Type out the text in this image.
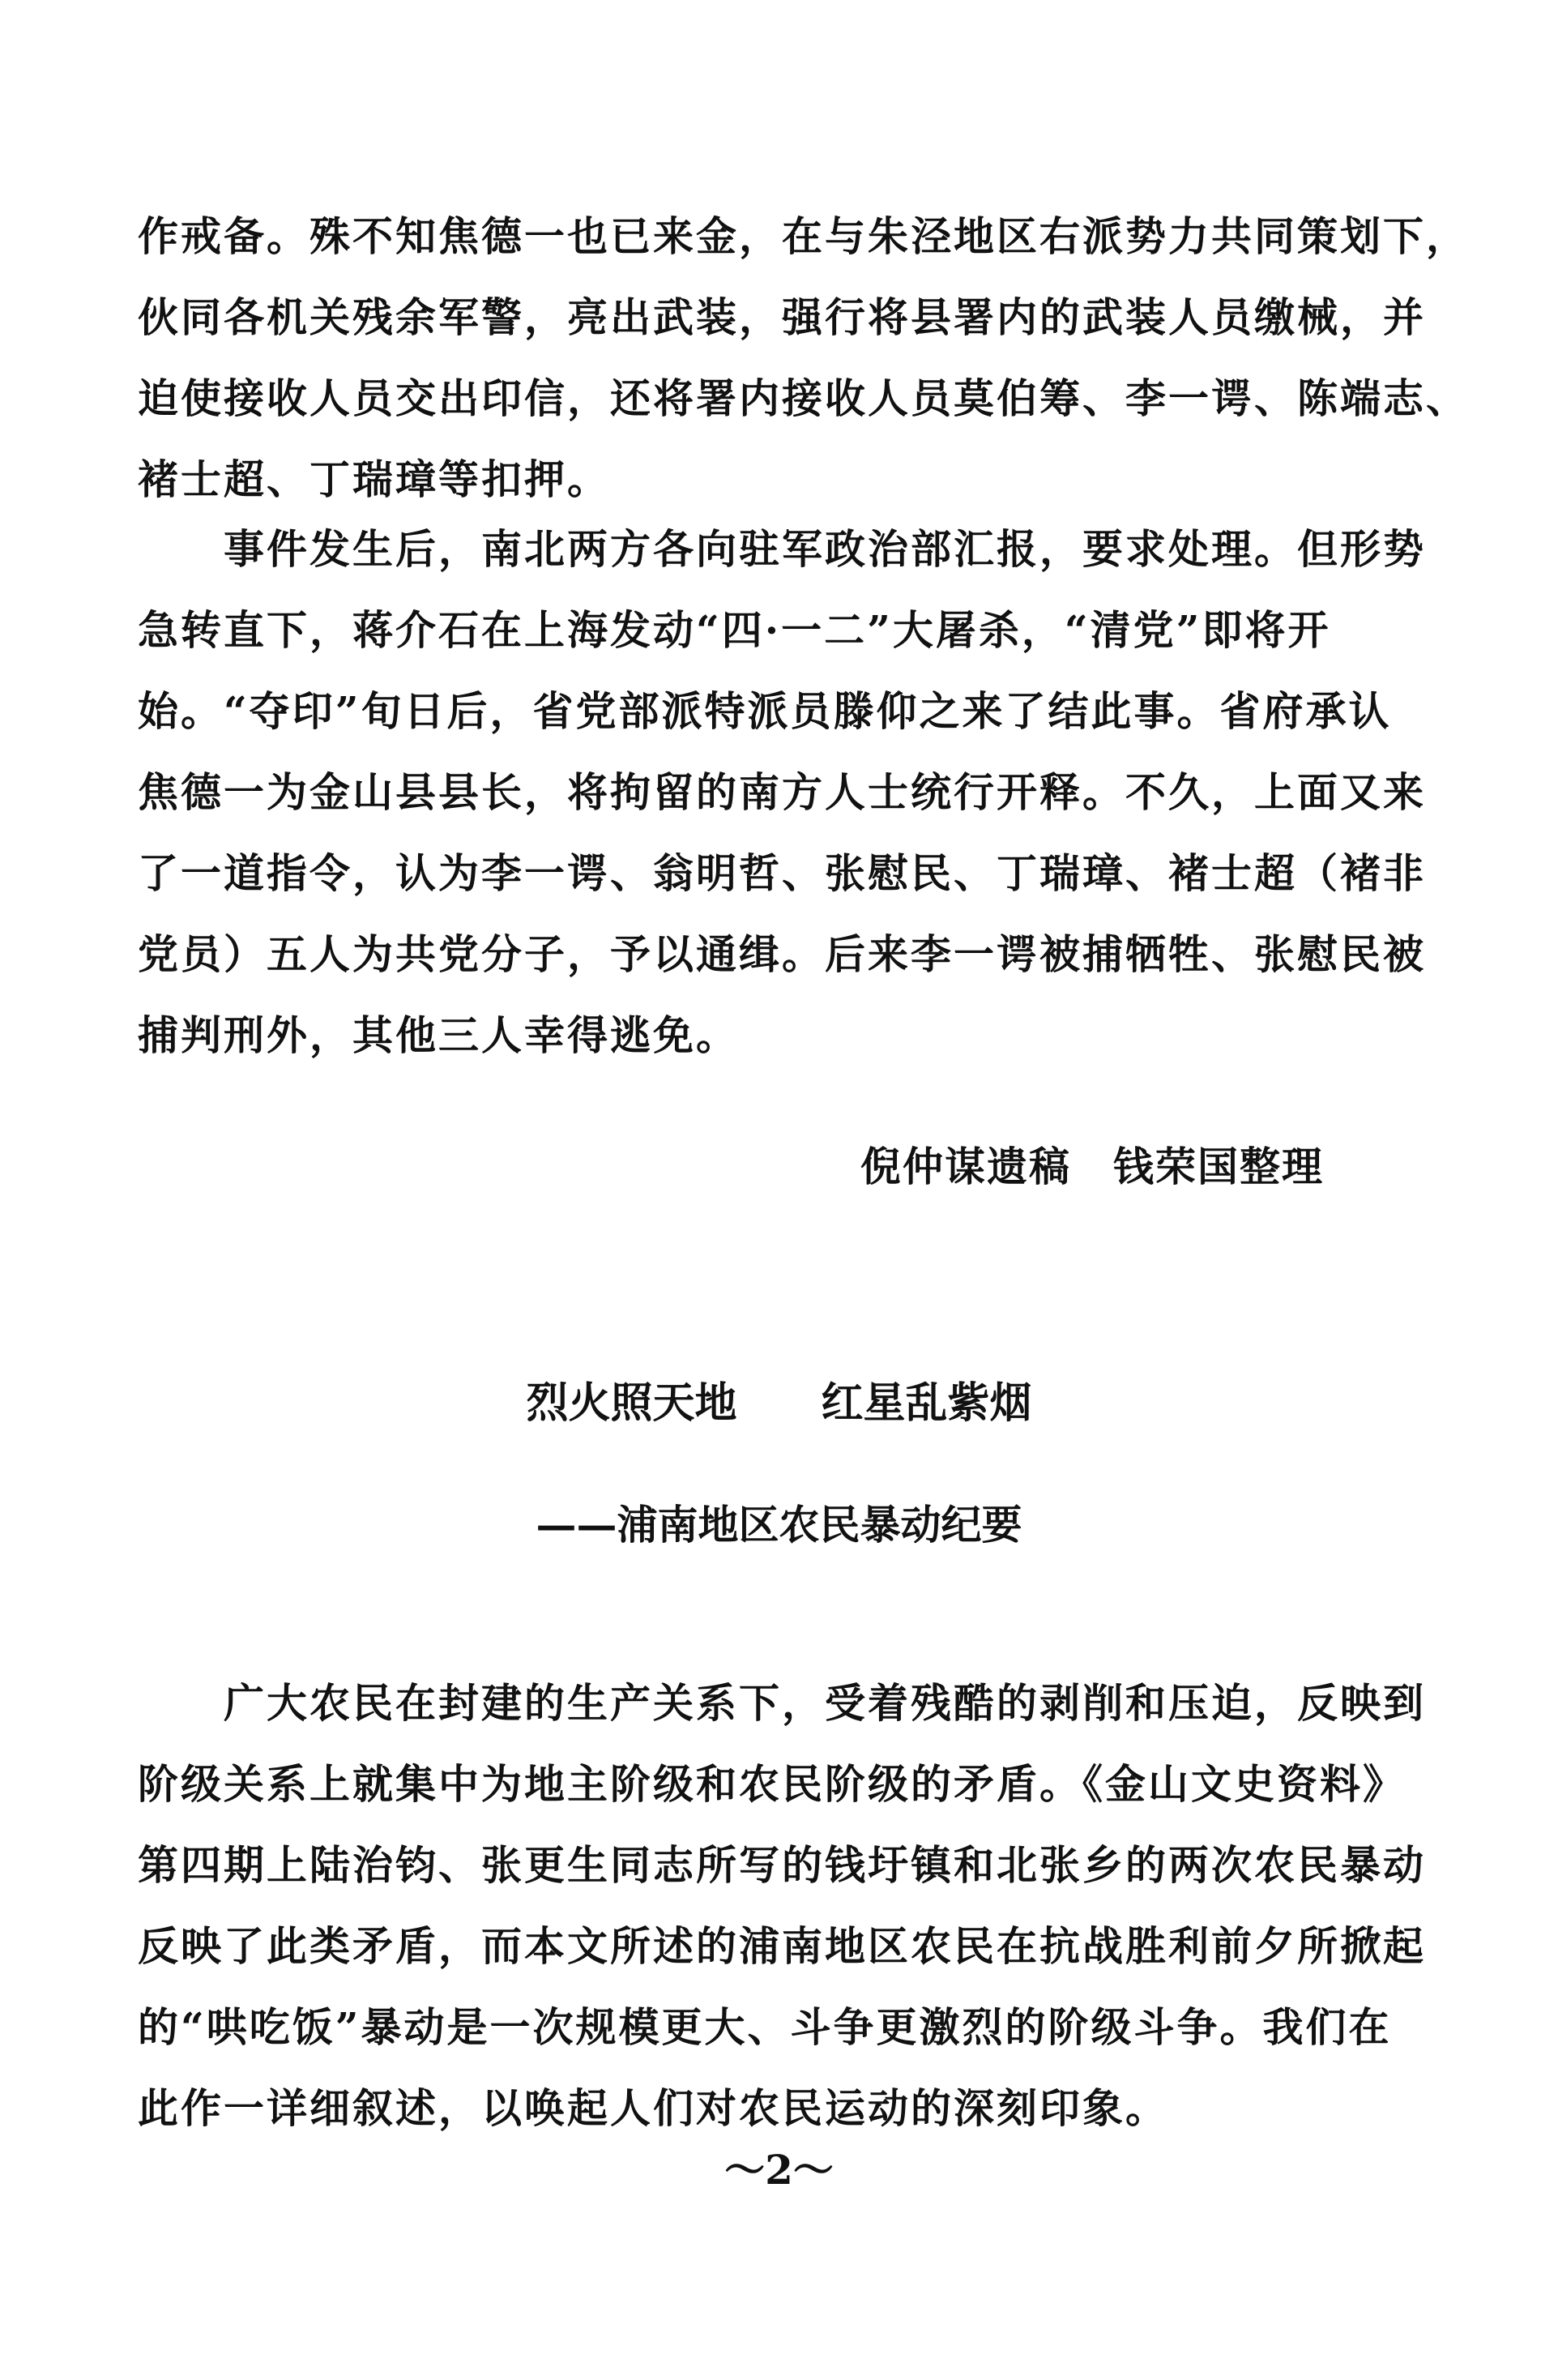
作戒备。殊不知焦德一也已来金，在与朱泾地区右派势力共同策划下，
伙同各机关残余军警，亮出武装，强行将县署内的武装人员缴械，并
迫使接收人员交出印信，还将署内接收人员莫伯筹、李一谔、陈端志、
褚士超、丁瑞璋等扣押。
　　事件发生后，南北两方各向驻军政治部汇报，要求处理。但形势
急转直下，蒋介石在上海发动“四·一二”大屠杀，“清党”即将开
始。“夺印”旬日后，省党部派特派员滕仰之来了结此事。省府承认
焦德一为金山县县长，将拘留的南方人士统行开释。不久，上面又来
了一道指令，认为李一谔、翁明哲、张慰民、丁瑞璋、褚士超（褚非
党员）五人为共党分子，予以通缉。后来李一谔被捕牺牲、张慰民被
捕判刑外，其他三人幸得逃免。
倪仲谋遗稿　钱荣国整理
烈火照天地　　红星乱紫烟
——浦南地区农民暴动纪要
　　广大农民在封建的生产关系下，受着残酷的剥削和压迫，反映到
阶级关系上就集中为地主阶级和农民阶级的矛盾。《金山文史资料》
第四期上陆治钧、张更生同志所写的钱圩镇和北张乡的两次农民暴动
反映了此类矛盾，而本文所述的浦南地区农民在抗战胜利前夕所掀起
的“哄吃饭”暴动是一次规模更大、斗争更激烈的阶级斗争。我们在
此作一详细叙述，以唤起人们对农民运动的深刻印象。
～2～
